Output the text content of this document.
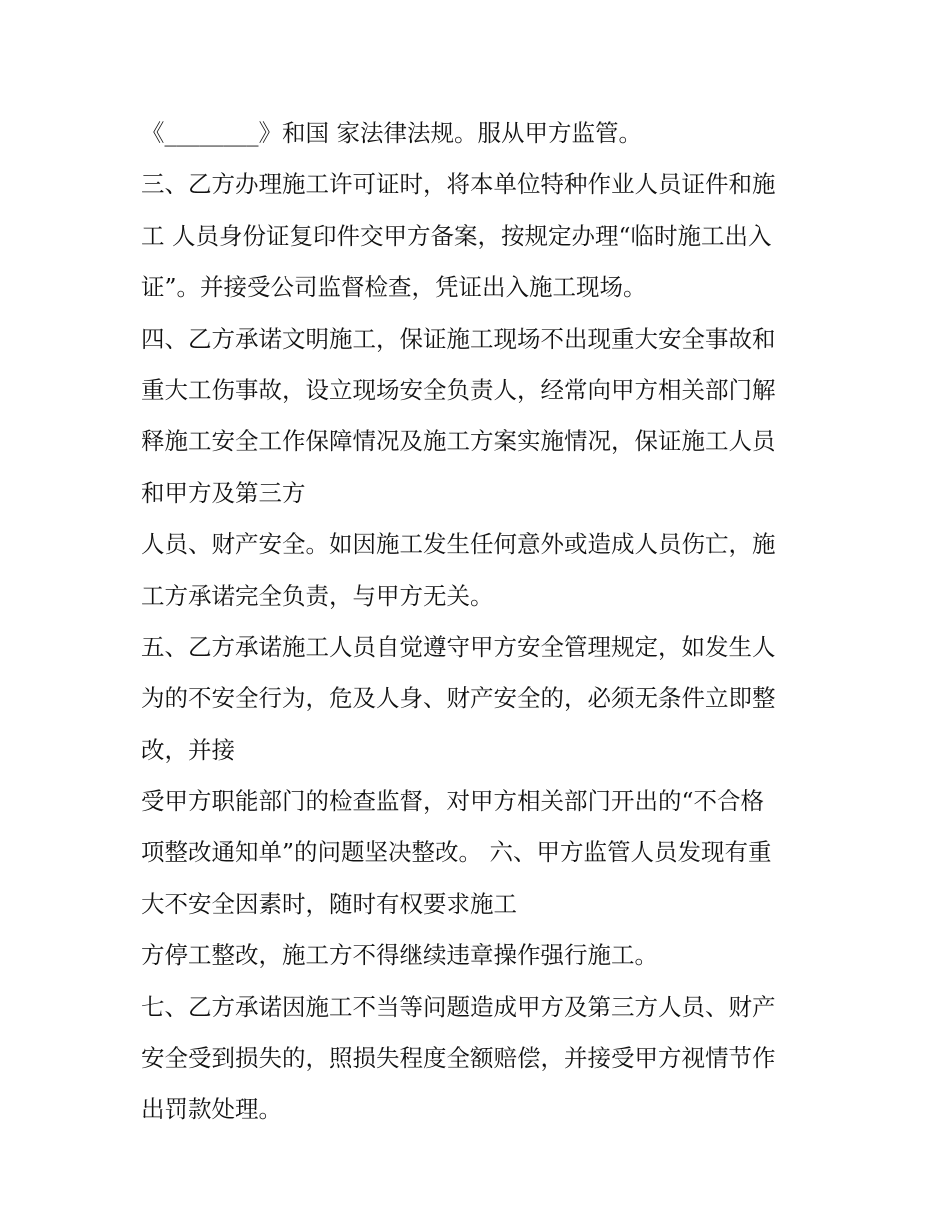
《________》和国 家法律法规。服从甲方监管。
三、乙方办理施工许可证时，将本单位特种作业人员证件和施
工 人员身份证复印件交甲方备案，按规定办理“临时施工出入
证”。并接受公司监督检查，凭证出入施工现场。
四、乙方承诺文明施工，保证施工现场不出现重大安全事故和
重大工伤事故，设立现场安全负责人，经常向甲方相关部门解
释施工安全工作保障情况及施工方案实施情况，保证施工人员
和甲方及第三方
人员、财产安全。如因施工发生任何意外或造成人员伤亡，施
工方承诺完全负责，与甲方无关。
五、乙方承诺施工人员自觉遵守甲方安全管理规定，如发生人
为的不安全行为，危及人身、财产安全的，必须无条件立即整
改，并接
受甲方职能部门的检查监督，对甲方相关部门开出的“不合格
项整改通知单”的问题坚决整改。 六、甲方监管人员发现有重
大不安全因素时，随时有权要求施工
方停工整改，施工方不得继续违章操作强行施工。
七、乙方承诺因施工不当等问题造成甲方及第三方人员、财产
安全受到损失的，照损失程度全额赔偿，并接受甲方视情节作
出罚款处理。
